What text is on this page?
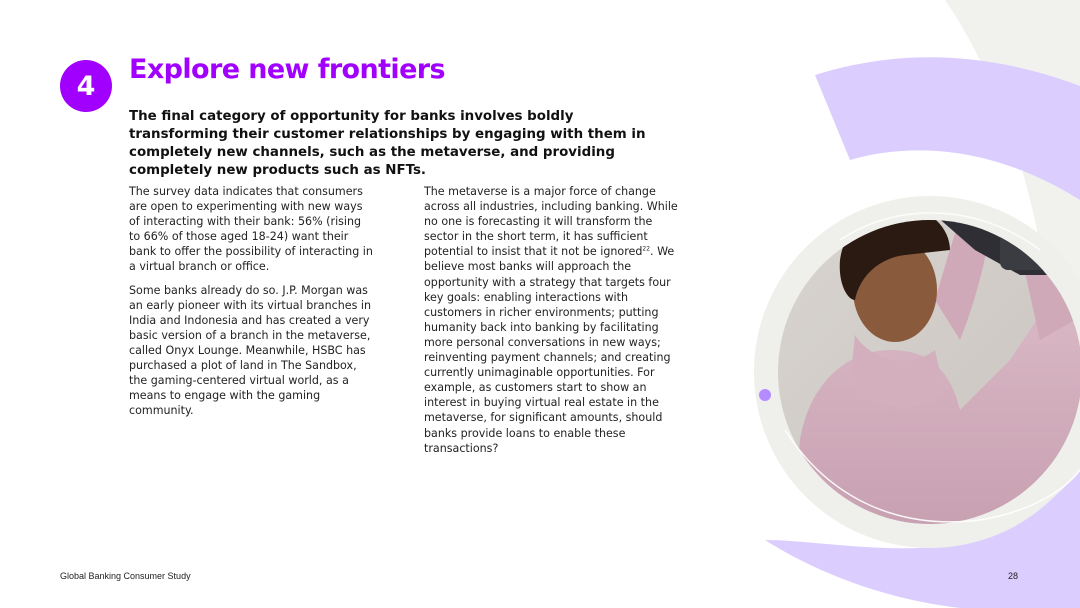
4
Explore new frontiers

The final category of opportunity for banks involves boldly transforming their customer relationships by engaging with them in completely new channels, such as the metaverse, and providing completely new products such as NFTs.

The survey data indicates that consumers are open to experimenting with new ways of interacting with their bank: 56% (rising to 66% of those aged 18-24) want their bank to offer the possibility of interacting in a virtual branch or office.

Some banks already do so. J.P. Morgan was an early pioneer with its virtual branches in India and Indonesia and has created a very basic version of a branch in the metaverse, called Onyx Lounge. Meanwhile, HSBC has purchased a plot of land in The Sandbox, the gaming-centered virtual world, as a means to engage with the gaming community.

The metaverse is a major force of change across all industries, including banking. While no one is forecasting it will transform the sector in the short term, it has sufficient potential to insist that it not be ignored$^{22}$. We believe most banks will approach the opportunity with a strategy that targets four key goals: enabling interactions with customers in richer environments; putting humanity back into banking by facilitating more personal conversations in new ways; reinventing payment channels; and creating currently unimaginable opportunities. For example, as customers start to show an interest in buying virtual real estate in the metaverse, for significant amounts, should banks provide loans to enable these transactions?

Global Banking Consumer Study	28
